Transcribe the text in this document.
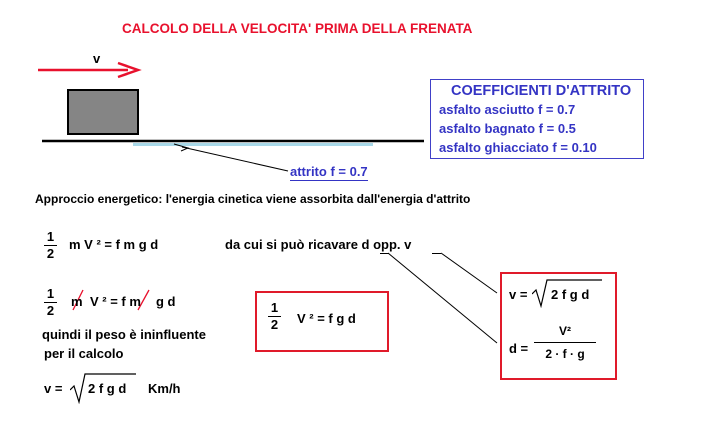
CALCOLO DELLA VELOCITA' PRIMA DELLA FRENATA
v
COEFFICIENTI D'ATTRITO
asfalto asciutto f = 0.7
asfalto bagnato f = 0.5
asfalto ghiacciato f = 0.10
attrito f = 0.7
Approccio energetico: l'energia cinetica viene assorbita dall'energia d'attrito
1
2
m V ² = f m g d	da cui si può ricavare d opp. v
1
2
m V ² = f m g d
quindi il peso è ininfluente
per il calcolo
v = 2 f g d Km/h
1
2 V ² = f g d
v = 2 f g d
d =
V²
2 · f · g
